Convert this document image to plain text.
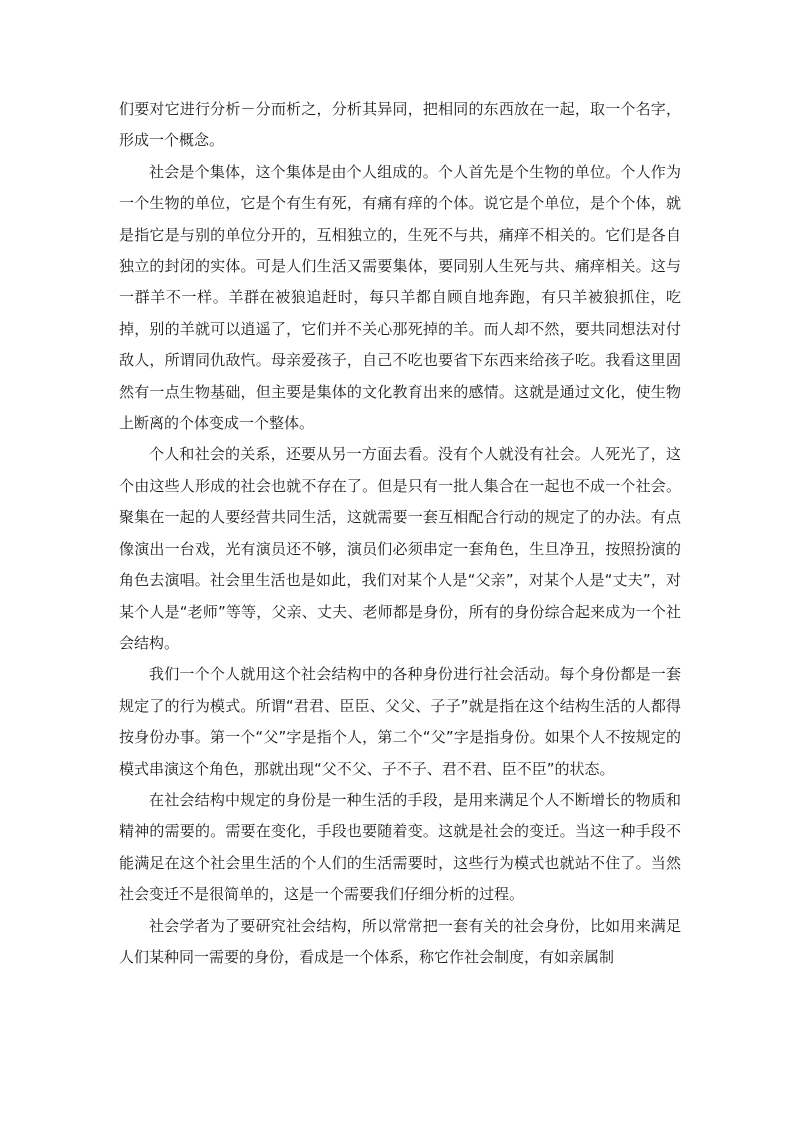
们要对它进行分析－分而析之，分析其异同，把相同的东西放在一起，取一个名字，形成一个概念。

社会是个集体，这个集体是由个人组成的。个人首先是个生物的单位。个人作为一个生物的单位，它是个有生有死，有痛有痒的个体。说它是个单位，是个个体，就是指它是与别的单位分开的，互相独立的，生死不与共，痛痒不相关的。它们是各自独立的封闭的实体。可是人们生活又需要集体，要同别人生死与共、痛痒相关。这与一群羊不一样。羊群在被狼追赶时，每只羊都自顾自地奔跑，有只羊被狼抓住，吃掉，别的羊就可以逍遥了，它们并不关心那死掉的羊。而人却不然，要共同想法对付敌人，所谓同仇敌忾。母亲爱孩子，自己不吃也要省下东西来给孩子吃。我看这里固然有一点生物基础，但主要是集体的文化教育出来的感情。这就是通过文化，使生物上断离的个体变成一个整体。

个人和社会的关系，还要从另一方面去看。没有个人就没有社会。人死光了，这个由这些人形成的社会也就不存在了。但是只有一批人集合在一起也不成一个社会。聚集在一起的人要经营共同生活，这就需要一套互相配合行动的规定了的办法。有点像演出一台戏，光有演员还不够，演员们必须串定一套角色，生旦净丑，按照扮演的角色去演唱。社会里生活也是如此，我们对某个人是“父亲”，对某个人是“丈夫”，对某个人是“老师”等等，父亲、丈夫、老师都是身份，所有的身份综合起来成为一个社会结构。

我们一个个人就用这个社会结构中的各种身份进行社会活动。每个身份都是一套规定了的行为模式。所谓“君君、臣臣、父父、子子”就是指在这个结构生活的人都得按身份办事。第一个“父”字是指个人，第二个“父”字是指身份。如果个人不按规定的模式串演这个角色，那就出现“父不父、子不子、君不君、臣不臣”的状态。

在社会结构中规定的身份是一种生活的手段，是用来满足个人不断增长的物质和精神的需要的。需要在变化，手段也要随着变。这就是社会的变迁。当这一种手段不能满足在这个社会里生活的个人们的生活需要时，这些行为模式也就站不住了。当然社会变迁不是很简单的，这是一个需要我们仔细分析的过程。

社会学者为了要研究社会结构，所以常常把一套有关的社会身份，比如用来满足人们某种同一需要的身份，看成是一个体系，称它作社会制度，有如亲属制
